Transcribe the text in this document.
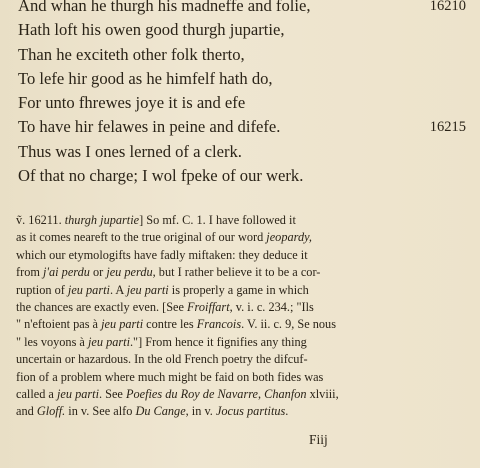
And whan he thurgh his madneffe and folie,	16210
Hath loft his owen good thurgh jupartie,
Than he exciteth other folk therto,
To lefe hir good as he himfelf hath do,
For unto fhrewes joye it is and efe
To have hir felawes in peine and difefe.	16215
Thus was I ones lerned of a clerk.
Of that no charge; I wol fpeke of our werk.
ṽ. 16211. thurgh jupartie] So mf. C. 1. I have followed it
as it comes neareft to the true original of our word jeopardy,
which our etymologifts have fadly miftaken: they deduce it
from j'ai perdu or jeu perdu, but I rather believe it to be a cor-
ruption of jeu parti. A jeu parti is properly a game in which
the chances are exactly even. [See Froiffart, v. i. c. 234.; "Ils
" n'eftoient pas à jeu parti contre les Francois. V. ii. c. 9, Se nous
" les voyons à jeu parti."] From hence it fignifies any thing
uncertain or hazardous. In the old French poetry the difcuf-
fion of a problem where much might be faid on both fides was
called a jeu parti. See Poefies du Roy de Navarre, Chanfon xlviii,
and Gloff. in v. See alfo Du Cange, in v. Jocus partitus.
Fiij
